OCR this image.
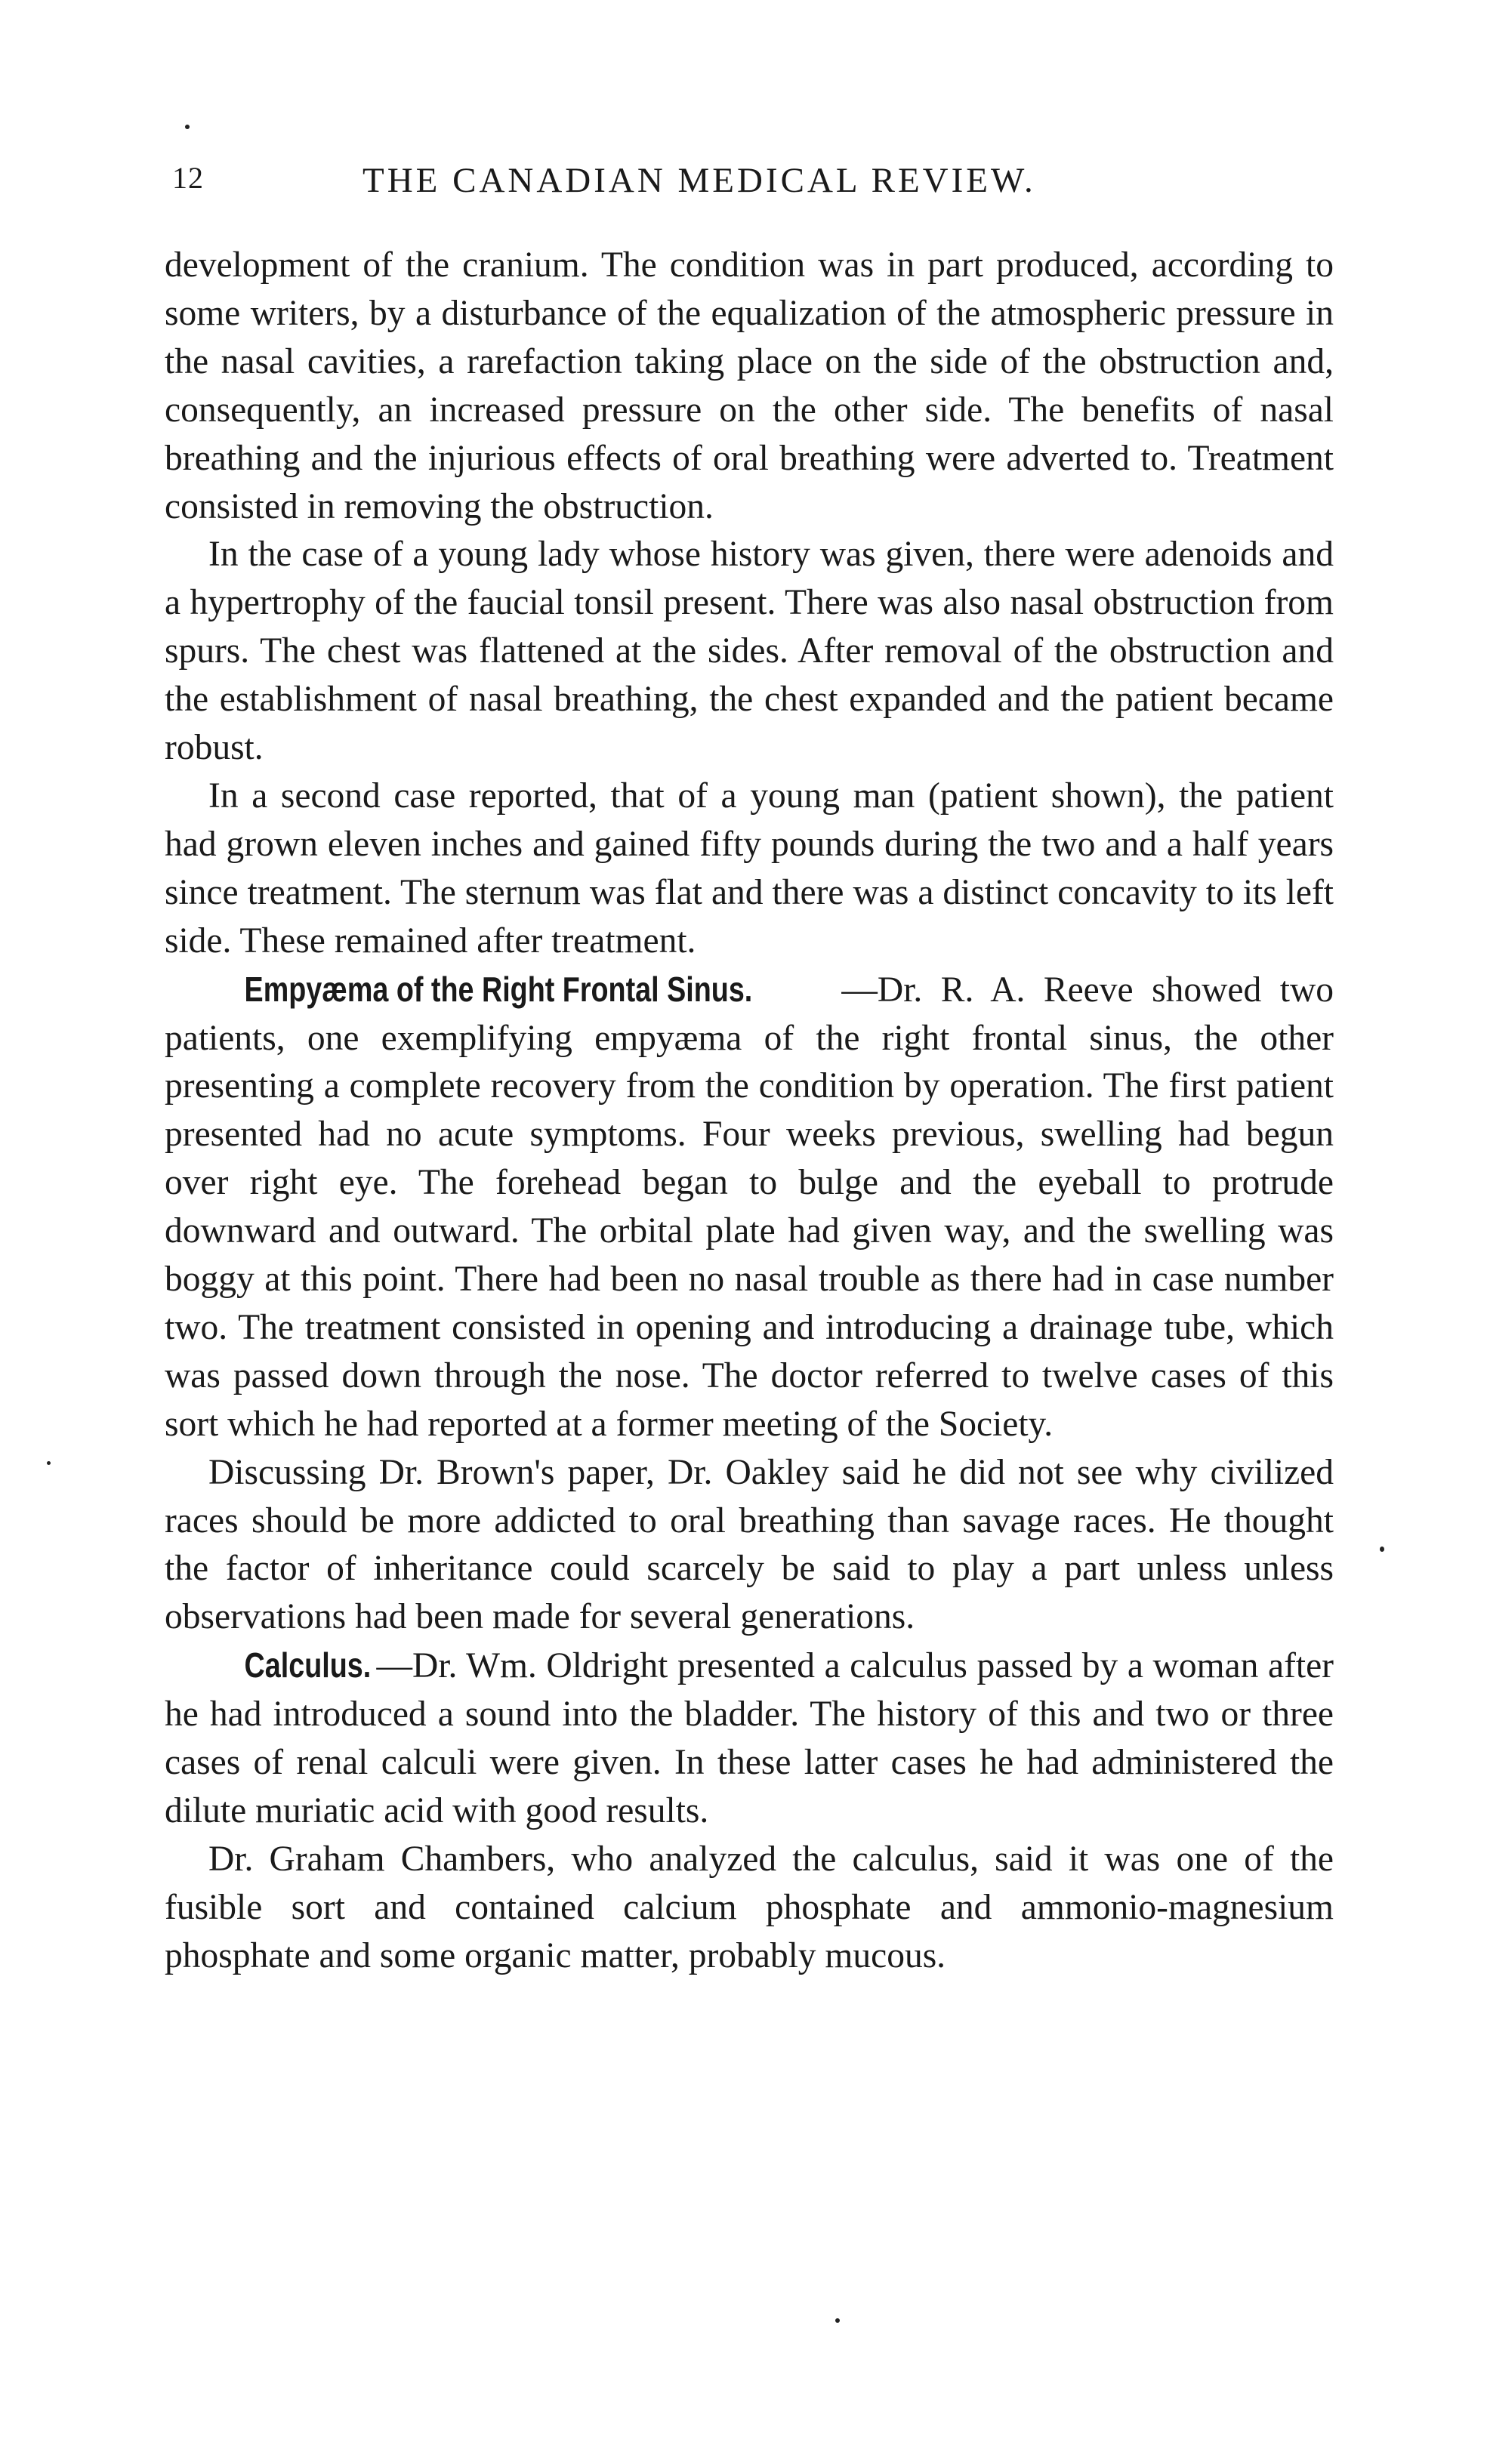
12	THE CANADIAN MEDICAL REVIEW.

development of the cranium. The condition was in part produced, according to some writers, by a disturbance of the equalization of the atmospheric pressure in the nasal cavities, a rarefaction taking place on the side of the obstruction and, consequently, an increased pressure on the other side. The benefits of nasal breathing and the injurious effects of oral breathing were adverted to. Treatment consisted in removing the obstruction.

In the case of a young lady whose history was given, there were adenoids and a hypertrophy of the faucial tonsil present. There was also nasal obstruction from spurs. The chest was flattened at the sides. After removal of the obstruction and the establishment of nasal breathing, the chest expanded and the patient became robust.

In a second case reported, that of a young man (patient shown), the patient had grown eleven inches and gained fifty pounds during the two and a half years since treatment. The sternum was flat and there was a distinct concavity to its left side. These remained after treatment.

Empyæma of the Right Frontal Sinus. —Dr. R. A. Reeve showed two patients, one exemplifying empyæma of the right frontal sinus, the other presenting a complete recovery from the condition by operation. The first patient presented had no acute symptoms. Four weeks previous, swelling had begun over right eye. The forehead began to bulge and the eyeball to protrude downward and outward. The orbital plate had given way, and the swelling was boggy at this point. There had been no nasal trouble as there had in case number two. The treatment consisted in opening and introducing a drainage tube, which was passed down through the nose. The doctor referred to twelve cases of this sort which he had reported at a former meeting of the Society.

Discussing Dr. Brown's paper, Dr. Oakley said he did not see why civilized races should be more addicted to oral breathing than savage races. He thought the factor of inheritance could scarcely be said to play a part unless unless observations had been made for several generations.

Calculus. —Dr. Wm. Oldright presented a calculus passed by a woman after he had introduced a sound into the bladder. The history of this and two or three cases of renal calculi were given. In these latter cases he had administered the dilute muriatic acid with good results.

Dr. Graham Chambers, who analyzed the calculus, said it was one of the fusible sort and contained calcium phosphate and ammonio-magnesium phosphate and some organic matter, probably mucous.
